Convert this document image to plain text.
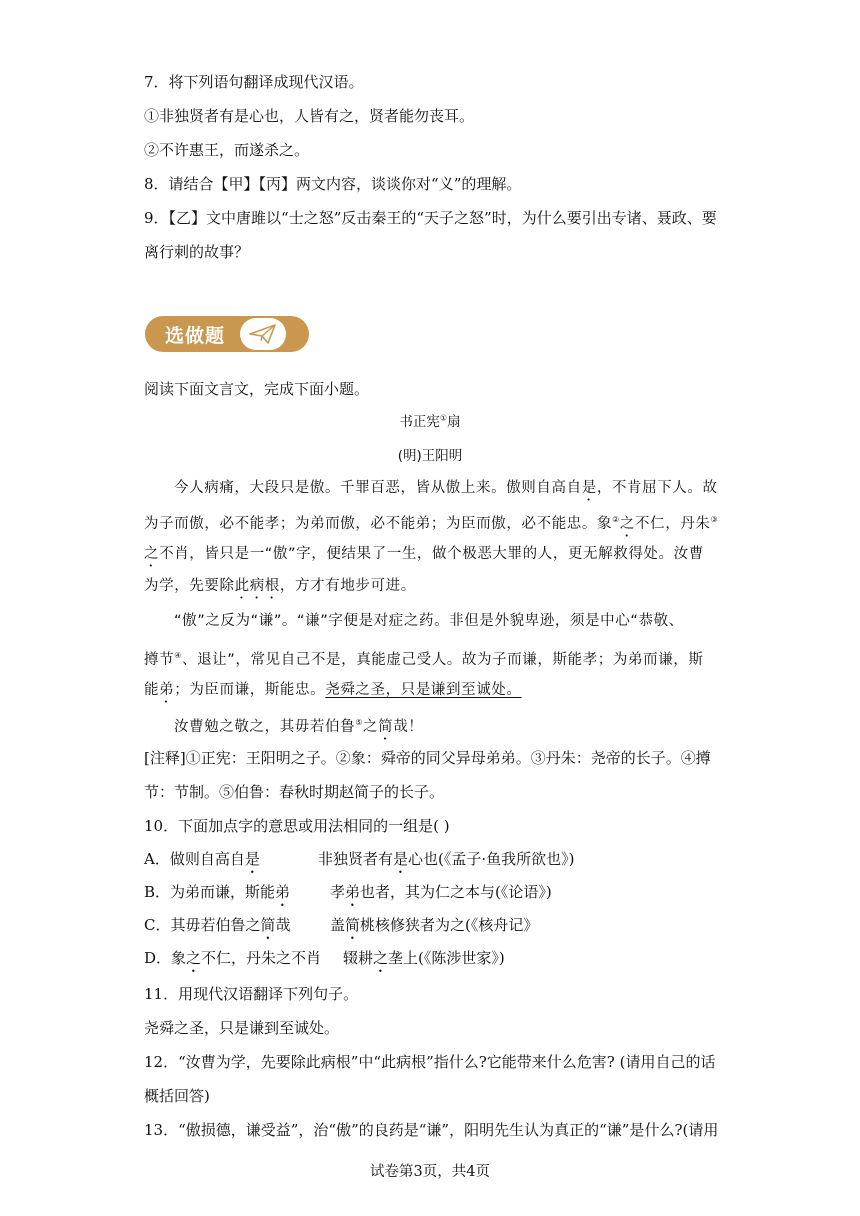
7．将下列语句翻译成现代汉语。
①非独贤者有是心也，人皆有之，贤者能勿丧耳。
②不许惠王，而遂杀之。
8．请结合【甲】【丙】两文内容，谈谈你对“义”的理解。
9．【乙】文中唐雎以“士之怒”反击秦王的“天子之怒”时，为什么要引出专诸、聂政、要
离行刺的故事？
选做题
阅读下面文言文，完成下面小题。
书正宪①扇
(明)王阳明
今人病痛，大段只是傲。千罪百恶，皆从傲上来。傲则自高自是，不肯屈下人。故
为子而傲，必不能孝；为弟而傲，必不能弟；为臣而傲，必不能忠。象②之不仁，丹朱③
之不肖，皆只是一“傲”字，便结果了一生，做个极恶大罪的人，更无解救得处。汝曹
为学，先要除此病根，方才有地步可进。
“傲”之反为“谦”。“谦”字便是对症之药。非但是外貌卑逊，须是中心“恭敬、
撙节④、退让”，常见自己不是，真能虚己受人。故为子而谦，斯能孝；为弟而谦，斯
能弟；为臣而谦，斯能忠。尧舜之圣，只是谦到至诚处。
汝曹勉之敬之，其毋若伯鲁⑤之简哉！
[注释]①正宪：王阳明之子。②象：舜帝的同父异母弟弟。③丹朱：尧帝的长子。④撙
节：节制。⑤伯鲁：春秋时期赵简子的长子。
10．下面加点字的意思或用法相同的一组是( )
A．做则自高自是	非独贤者有是心也(《孟子·鱼我所欲也》)
B．为弟而谦，斯能弟	孝弟也者，其为仁之本与(《论语》)
C．其毋若伯鲁之简哉	盖简桃核修狭者为之(《核舟记》
D．象之不仁，丹朱之不肖 辍耕之垄上(《陈涉世家》)
11．用现代汉语翻译下列句子。
尧舜之圣，只是谦到至诚处。
12．“汝曹为学，先要除此病根”中“此病根”指什么?它能带来什么危害? (请用自己的话
概括回答)
13．“傲损德，谦受益”，治“傲”的良药是“谦”，阳明先生认为真正的“谦”是什么?(请用
试卷第3页，共4页
